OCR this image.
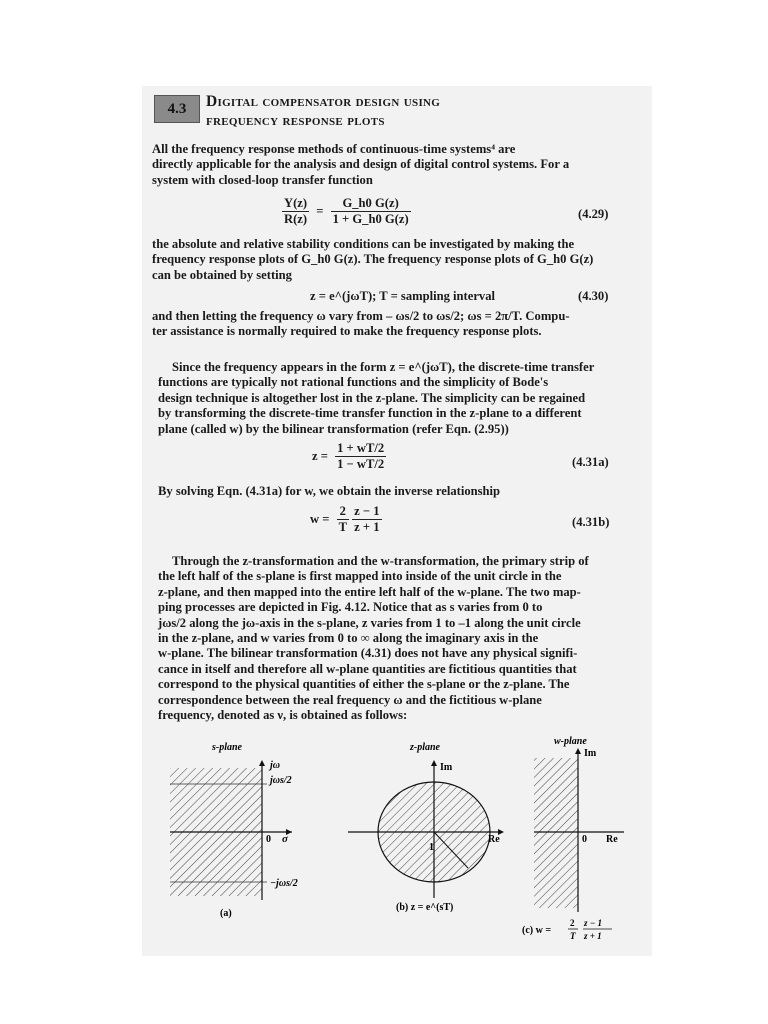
4.3	Digital compensator design using
frequency response plots
All the frequency response methods of continuous-time systems⁴ are
directly applicable for the analysis and design of digital control systems. For a
system with closed-loop transfer function
$\frac{Y(z)}{R(z)} = \frac{G\_h0 G(z)}{1 + G\_h0 G(z)}$	(4.29)
the absolute and relative stability conditions can be investigated by making the
frequency response plots of G_h0 G(z). The frequency response plots of G_h0 G(z)
can be obtained by setting
z = e^(jωT); T = sampling interval	(4.30)
and then letting the frequency ω vary from – ωs/2 to ωs/2; ωs = 2π/T. Compu-
ter assistance is normally required to make the frequency response plots.
Since the frequency appears in the form z = e^(jωT), the discrete-time transfer
functions are typically not rational functions and the simplicity of Bode's
design technique is altogether lost in the z-plane. The simplicity can be regained
by transforming the discrete-time transfer function in the z-plane to a different
plane (called w) by the bilinear transformation (refer Eqn. (2.95))
$z = \frac{1 + wT/2}{1 - wT/2}$	(4.31a)
By solving Eqn. (4.31a) for w, we obtain the inverse relationship
$w = \frac{2}{T}$
$\frac{z - 1}{z + 1}$	(4.31b)
Through the z-transformation and the w-transformation, the primary strip of
the left half of the s-plane is first mapped into inside of the unit circle in the
z-plane, and then mapped into the entire left half of the w-plane. The two map-
ping processes are depicted in Fig. 4.12. Notice that as s varies from 0 to
jωs/2 along the jω-axis in the s-plane, z varies from 1 to –1 along the unit circle
in the z-plane, and w varies from 0 to ∞ along the imaginary axis in the
w-plane. The bilinear transformation (4.31) does not have any physical signifi-
cance in itself and therefore all w-plane quantities are fictitious quantities that
correspond to the physical quantities of either the s-plane or the z-plane. The
correspondence between the real frequency ω and the fictitious w-plane
frequency, denoted as ν, is obtained as follows:
s-plane
jω
jωs/2
0 σ
−jωs/2
(a)
z-plane
Im
Re
1
(b) z = e^(sT)
w-plane
Im
0 Re
(c) w =
2
T
z − 1
z + 1
